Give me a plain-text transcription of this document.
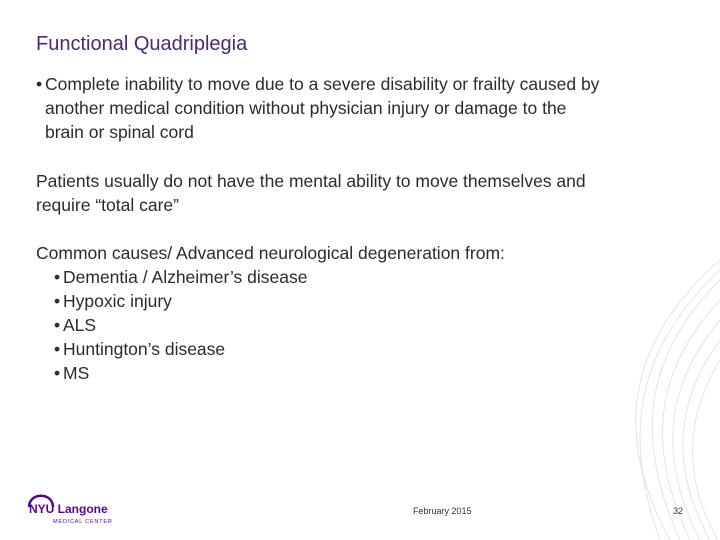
Functional Quadriplegia
• Complete inability to move due to a severe disability or frailty caused by
another medical condition without physician injury or damage to the
brain or spinal cord
Patients usually do not have the mental ability to move themselves and
require “total care”
Common causes/ Advanced neurological degeneration from:
• Dementia / Alzheimer’s disease
• Hypoxic injury
• ALS
• Huntington’s disease
• MS
NYU Langone
MEDICAL CENTER
February 2015	32
